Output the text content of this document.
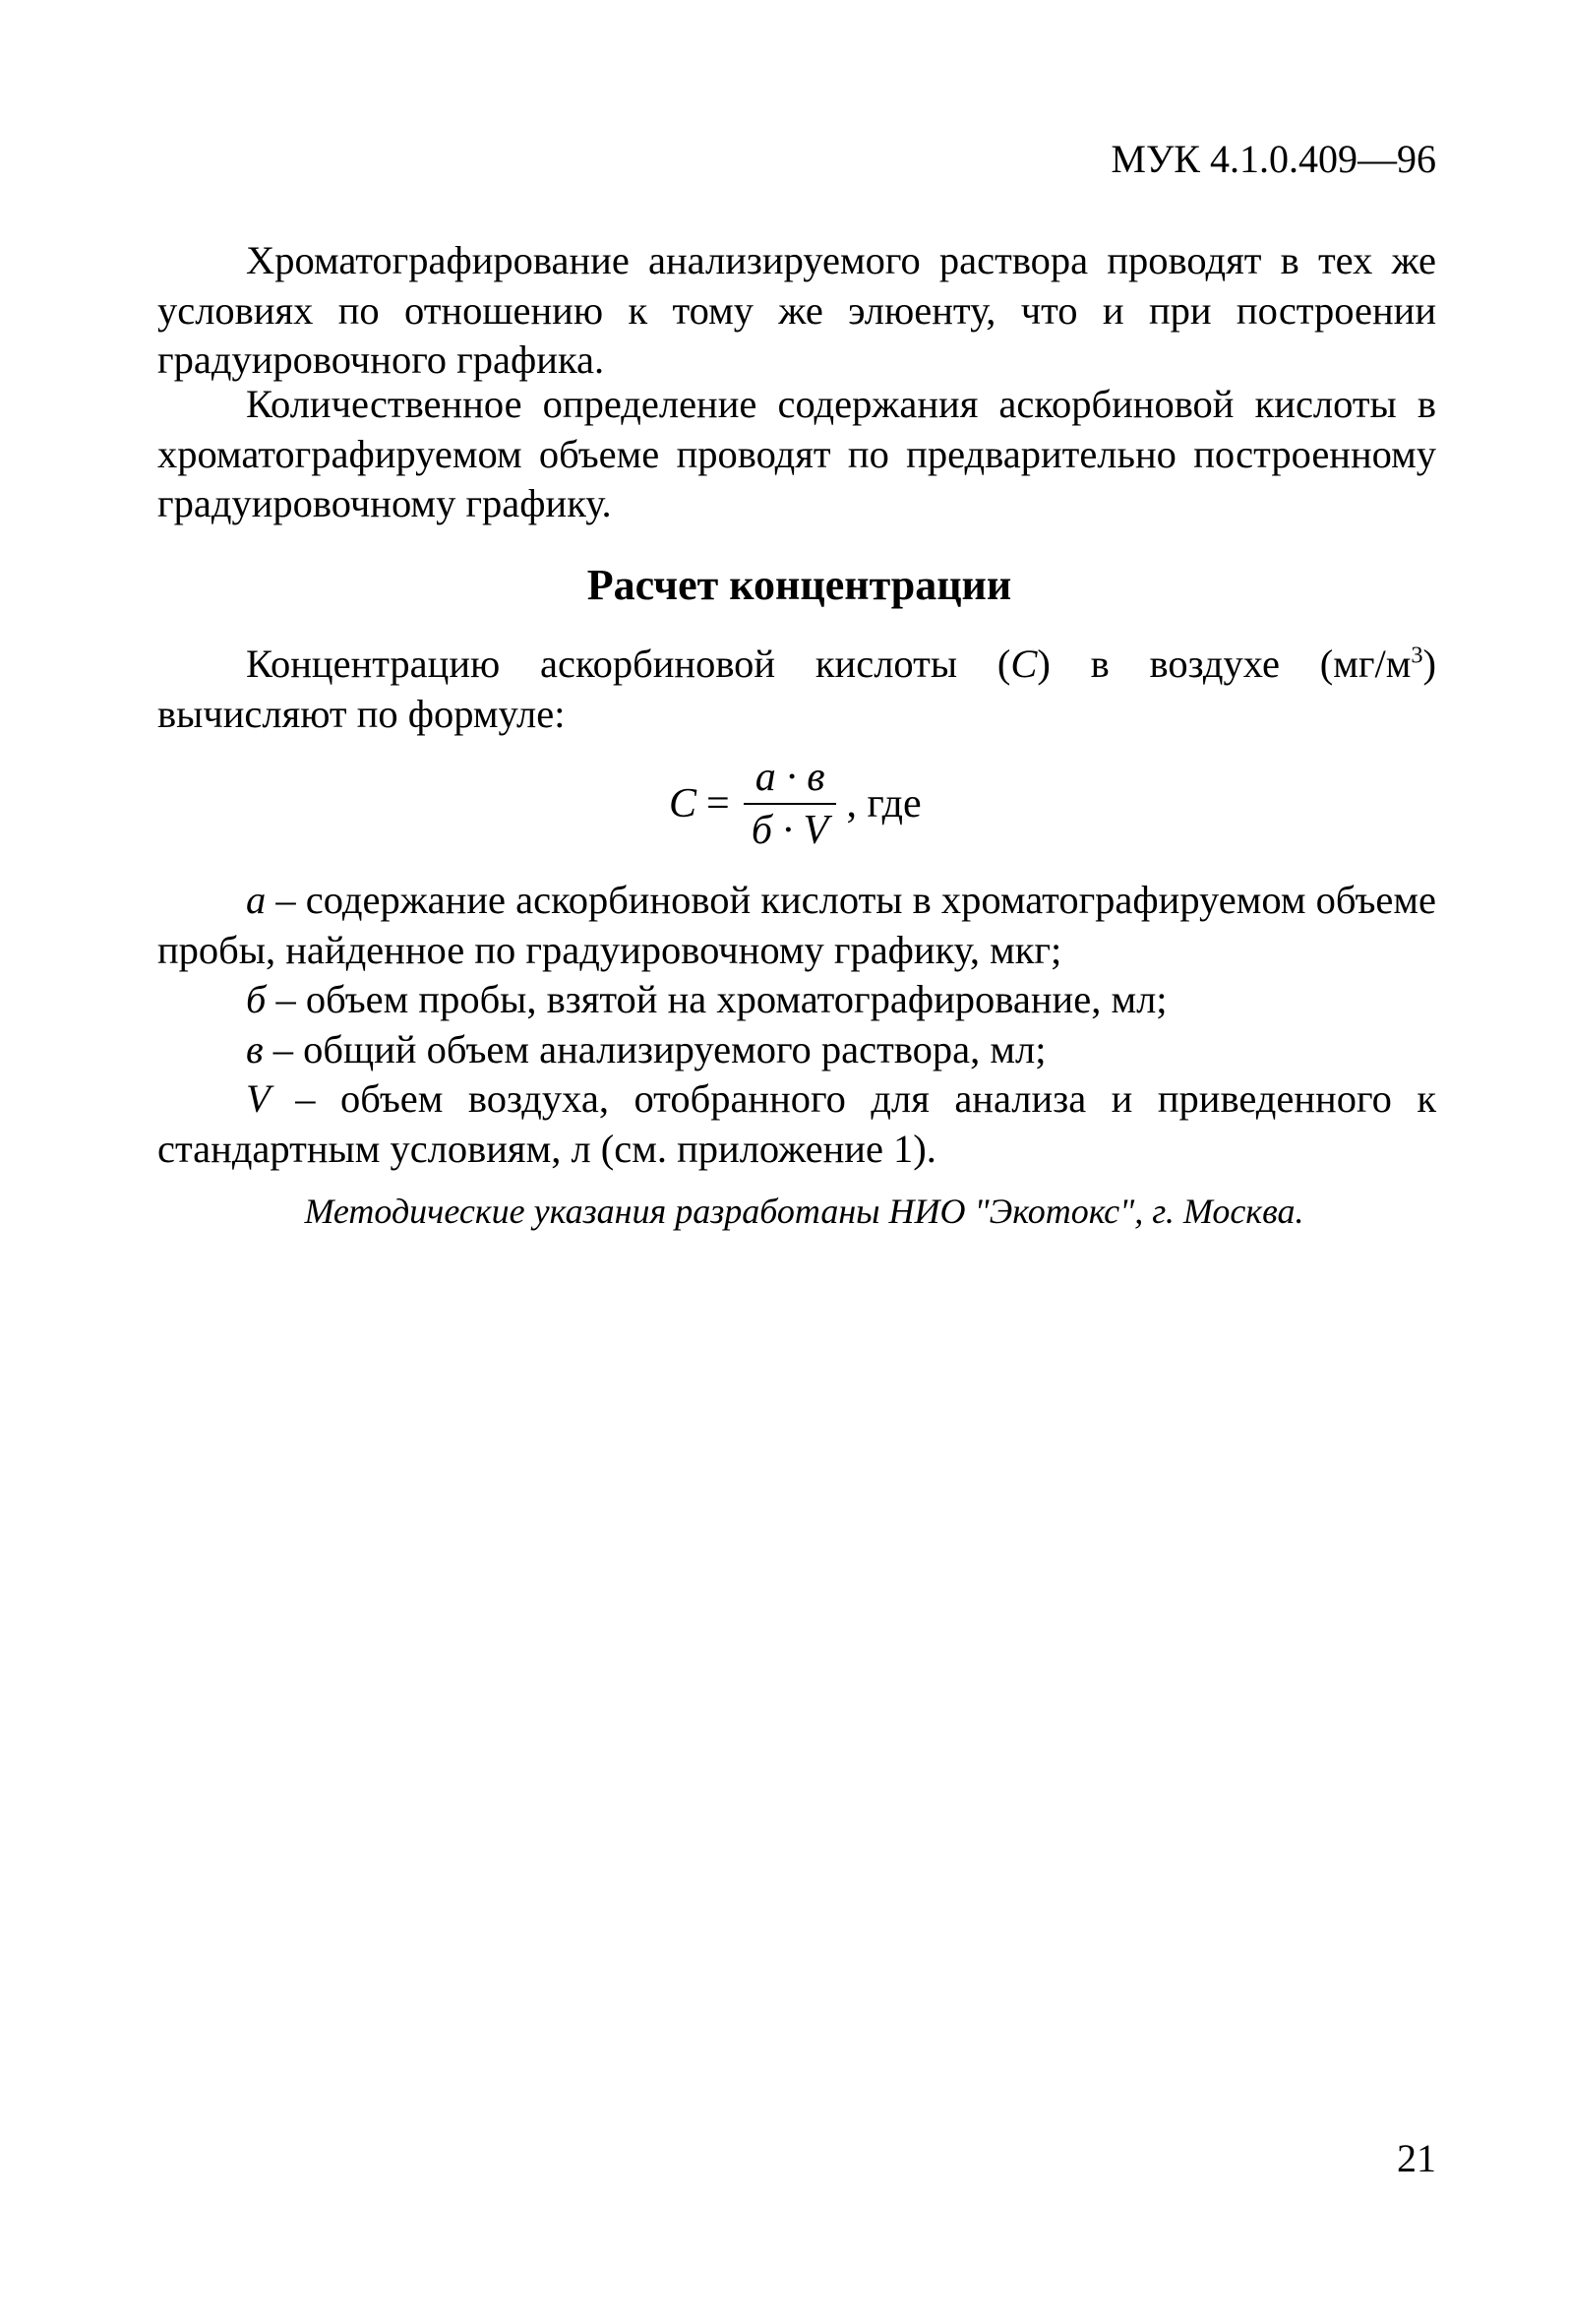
МУК 4.1.0.409—96
Хроматографирование анализируемого раствора проводят в тех же условиях по отношению к тому же элюенту, что и при построении градуировочного графика.
Количественное определение содержания аскорбиновой кислоты в хроматографируемом объеме проводят по предварительно построенному градуировочному графику.
Расчет концентрации
Концентрацию аскорбиновой кислоты (C) в воздухе $(мг/м^3)$ вычисляют по формуле:
$C = \frac{a \cdot в}{б \cdot V}$ , где
a – содержание аскорбиновой кислоты в хроматографируемом объеме пробы, найденное по градуировочному графику, мкг;
б – объем пробы, взятой на хроматографирование, мл;
в – общий объем анализируемого раствора, мл;
V – объем воздуха, отобранного для анализа и приведенного к стандартным условиям, л (см. приложение 1).
Методические указания разработаны НИО "Экотокс", г. Москва.
21
